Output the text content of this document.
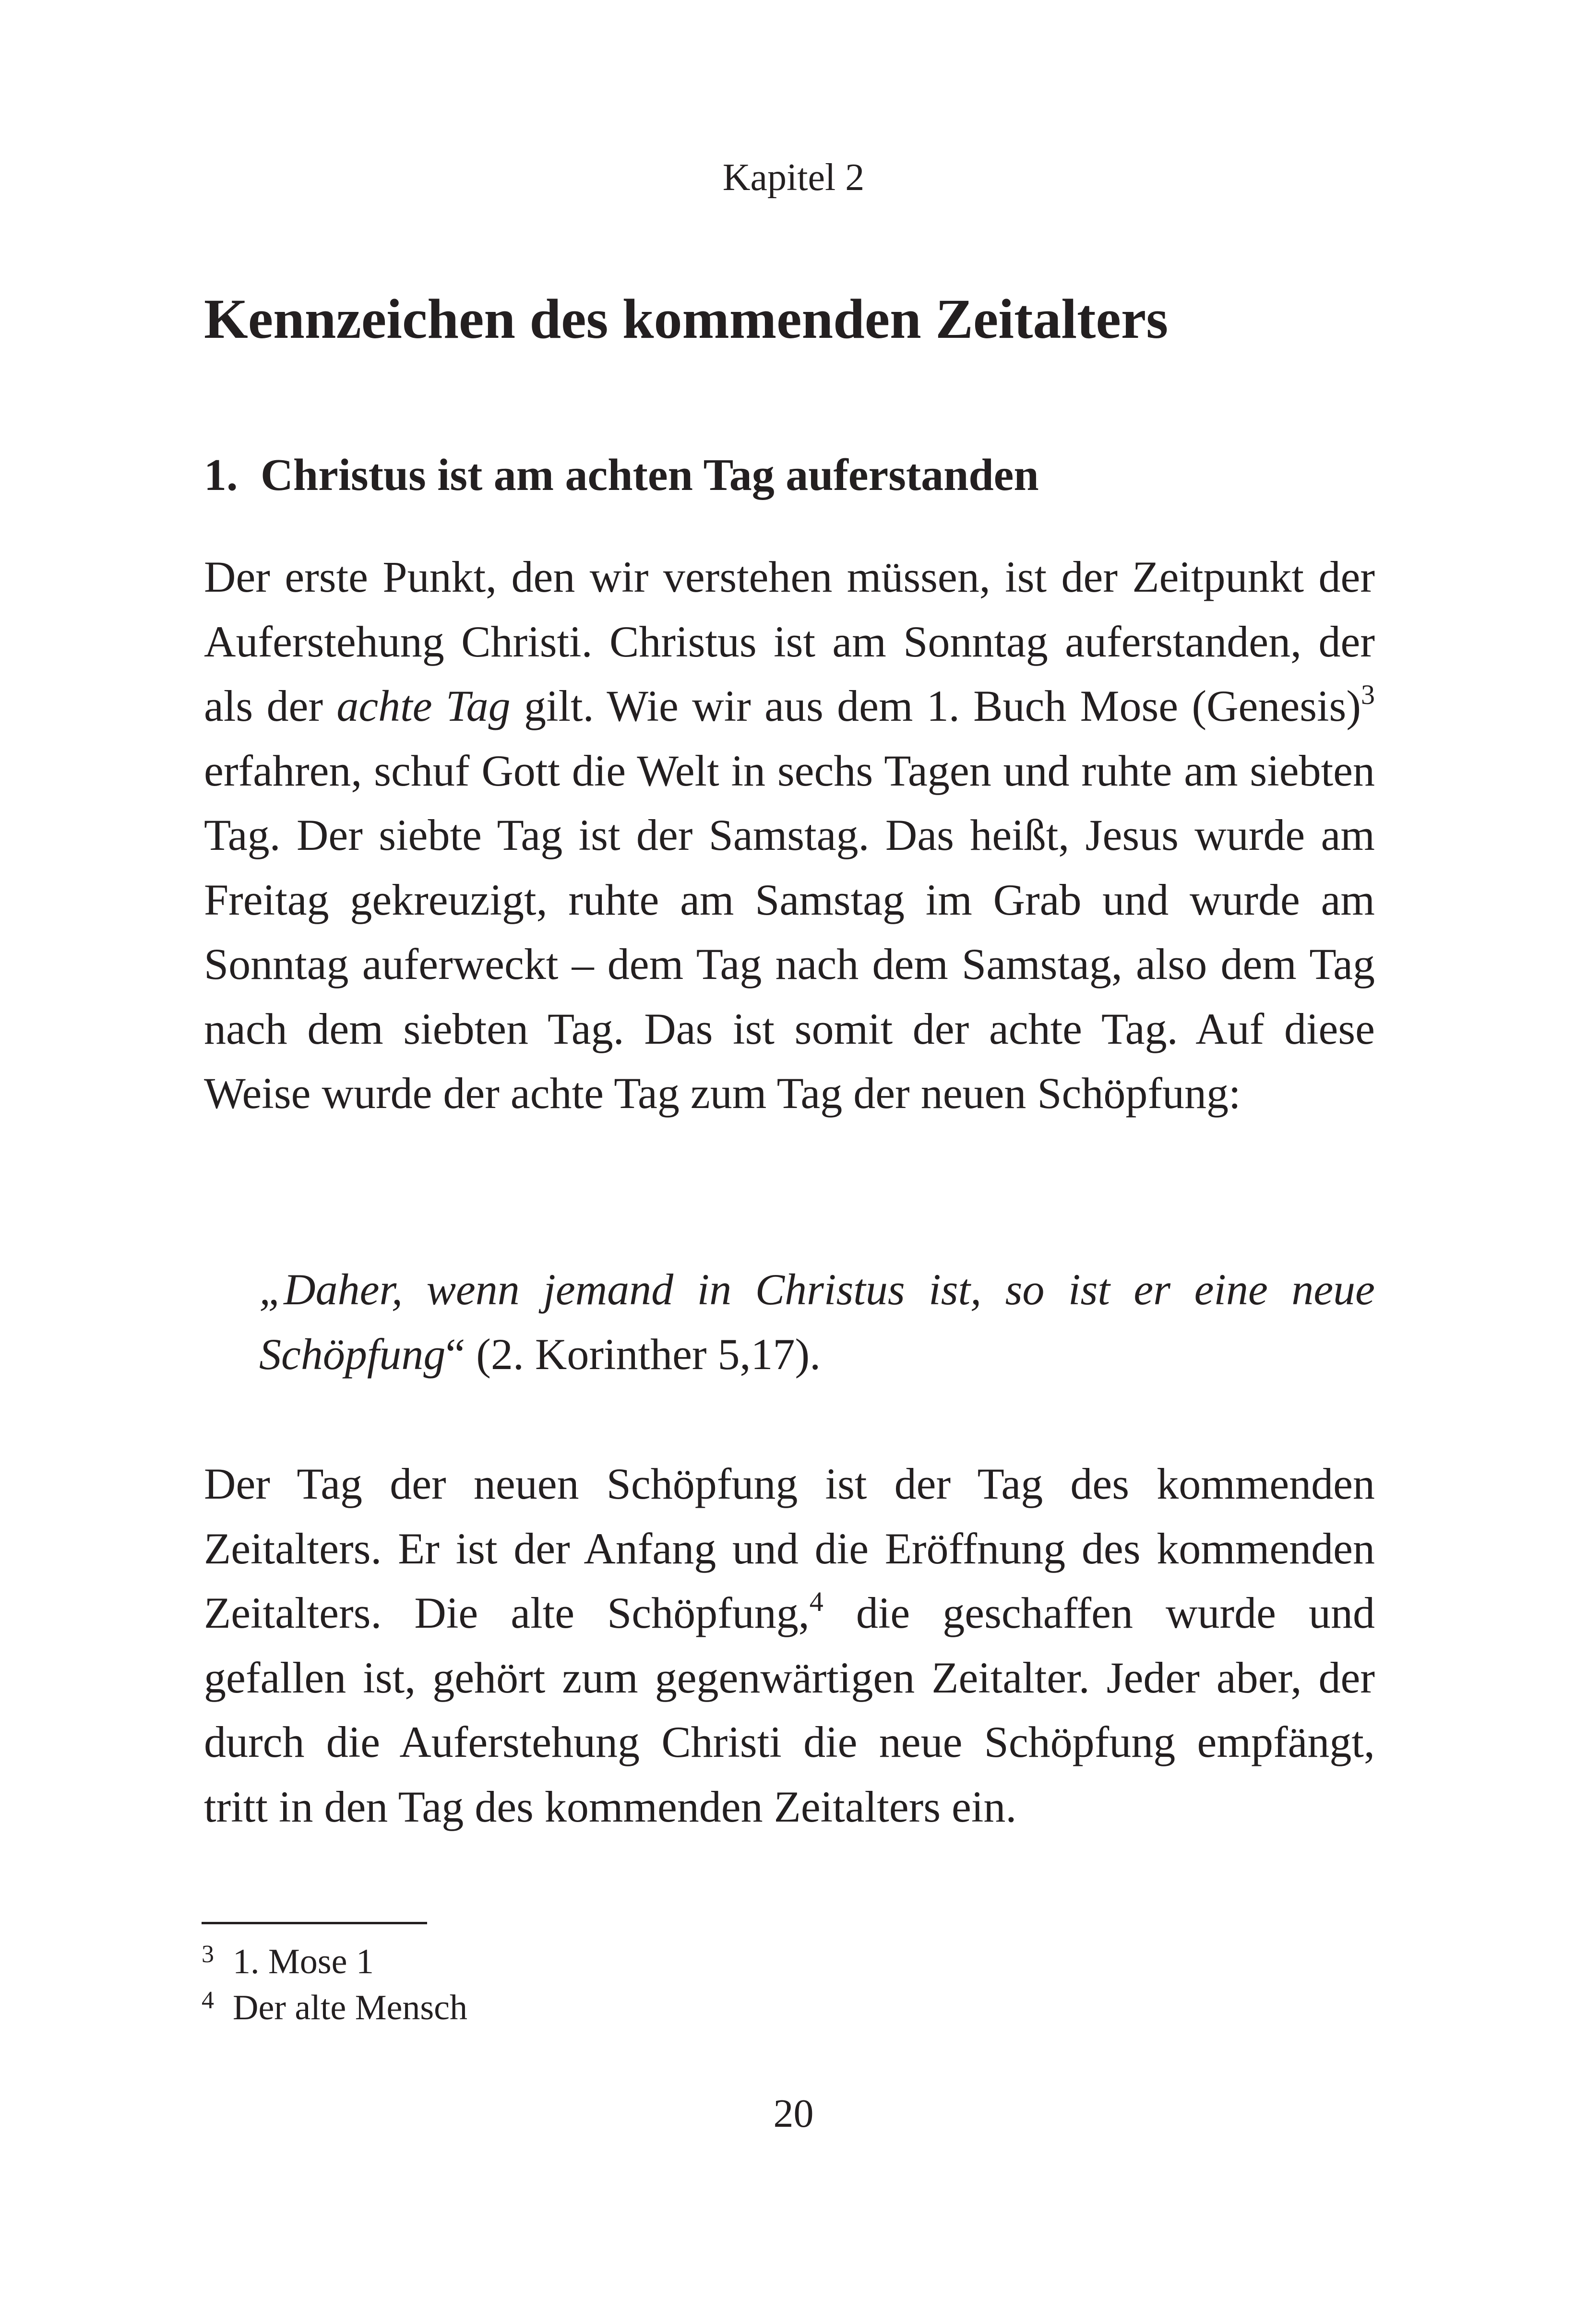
Kapitel 2
Kennzeichen des kommenden Zeitalters
1. Christus ist am achten Tag auferstanden

Der erste Punkt, den wir verstehen müssen, ist der Zeitpunkt der Auferstehung Christi. Christus ist am Sonntag auferstanden, der als der achte Tag gilt. Wie wir aus dem 1. Buch Mose (Genesis)$^3$ erfahren, schuf Gott die Welt in sechs Tagen und ruhte am siebten Tag. Der siebte Tag ist der Samstag. Das heißt, Jesus wurde am Freitag gekreuzigt, ruhte am Samstag im Grab und wurde am Sonntag auferweckt – dem Tag nach dem Samstag, also dem Tag nach dem siebten Tag. Das ist somit der achte Tag. Auf diese Weise wurde der achte Tag zum Tag der neuen Schöpfung:

„Daher, wenn jemand in Christus ist, so ist er eine neue Schöpfung“ (2. Korinther 5,17).

Der Tag der neuen Schöpfung ist der Tag des kommenden Zeitalters. Er ist der Anfang und die Eröffnung des kommenden Zeitalters. Die alte Schöpfung,$^4$ die geschaffen wurde und gefallen ist, gehört zum gegenwärtigen Zeitalter. Jeder aber, der durch die Auferstehung Christi die neue Schöpfung empfängt, tritt in den Tag des kommenden Zeitalters ein.

3 1. Mose 1
4 Der alte Mensch
20
